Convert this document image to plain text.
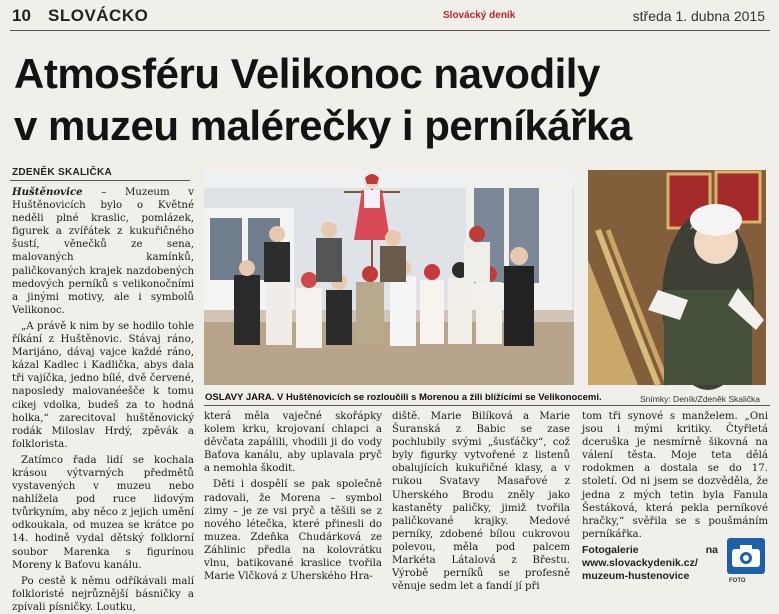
10 SLOVÁCKO	Slovácký deník	středa 1. dubna 2015
Atmosféru Velikonoc navodily
v muzeu malérečky i perníkářka
ZDENĚK SKALIČKA

Huštěnovice – Muzeum v Huštěnovicích bylo o Květné neděli plné kraslic, pomlázek, figurek a zvířátek z kukuřičného šustí, věnečků ze sena, malovaných kamínků, paličkovaných krajek nazdobených medových perníků s velikonočními a jinými motivy, ale i symbolů Velikonoc.

„A právě k nim by se hodilo tohle říkání z Huštěnovic. Stávaj ráno, Marijáno, dávaj vajce každé ráno, kázal Kadlec i Kadlička, abys dala tři vajíčka, jedno bílé, dvě červené, naposledy malovanéešče k tomu cikej vdolka, budeš za to hodná holka,“ zarecitoval huštěnovický rodák Miloslav Hrdý, zpěvák a folklorista.

Zatímco řada lidí se kochala krásou výtvarných předmětů vystavených v muzeu nebo nahlížela pod ruce lidovým tvůrkyním, aby něco z jejich umění odkoukala, od muzea se krátce po 14. hodině vydal dětský folklorní soubor Marenka s figurínou Moreny k Baťovu kanálu.

Po cestě k němu odříkávali malí folkloristé nejrůznější básničky a zpívali písničky. Loutku,

OSLAVY JARA. V Huštěnovicích se rozloučili s Morenou a žili blížícími se Velikonocemi.	Snímky: Deník/Zdeněk Skalička

která měla vaječné skořápky kolem krku, krojovaní chlapci a děvčata zapálili, vhodili ji do vody Baťova kanálu, aby uplavala pryč a nemohla škodit.

Děti i dospělí se pak společně radovali, že Morena – symbol zimy – je ze vsi pryč a těšili se z nového létečka, které přinesli do muzea. Zdeňka Chudárková ze Záhlinic předla na kolovrátku vlnu, batikované kraslice tvořila Marie Vlčková z Uherského Hra-

diště. Marie Bilíková a Marie Šuranská z Babic se zase pochlubily svými „šusťáčky“, což byly figurky vytvořené z listenů obalujících kukuřičné klasy, a v rukou Svatavy Masařové z Uherského Brodu zněly jako kastaněty paličky, jimiž tvořila paličkované krajky. Medové perníky, zdobené bílou cukrovou polevou, měla pod palcem Markéta Látalová z Břestu. Výrobě perníků se profesně věnuje sedm let a fandí jí při

tom tři synové s manželem. „Oni jsou i mými kritiky. Čtyřletá dceruška je nesmírně šikovná na válení těsta. Moje teta dělá rodokmen a dostala se do 17. století. Od ni jsem se dozvěděla, že jedna z mých tetin byla Fanula Šestáková, která pekla perníkové hračky,“ svěřila se s poušmáním perníkářka.

Fotogalerie na www.slovackydenik.cz/ muzeum-hustenovice	FOTO
